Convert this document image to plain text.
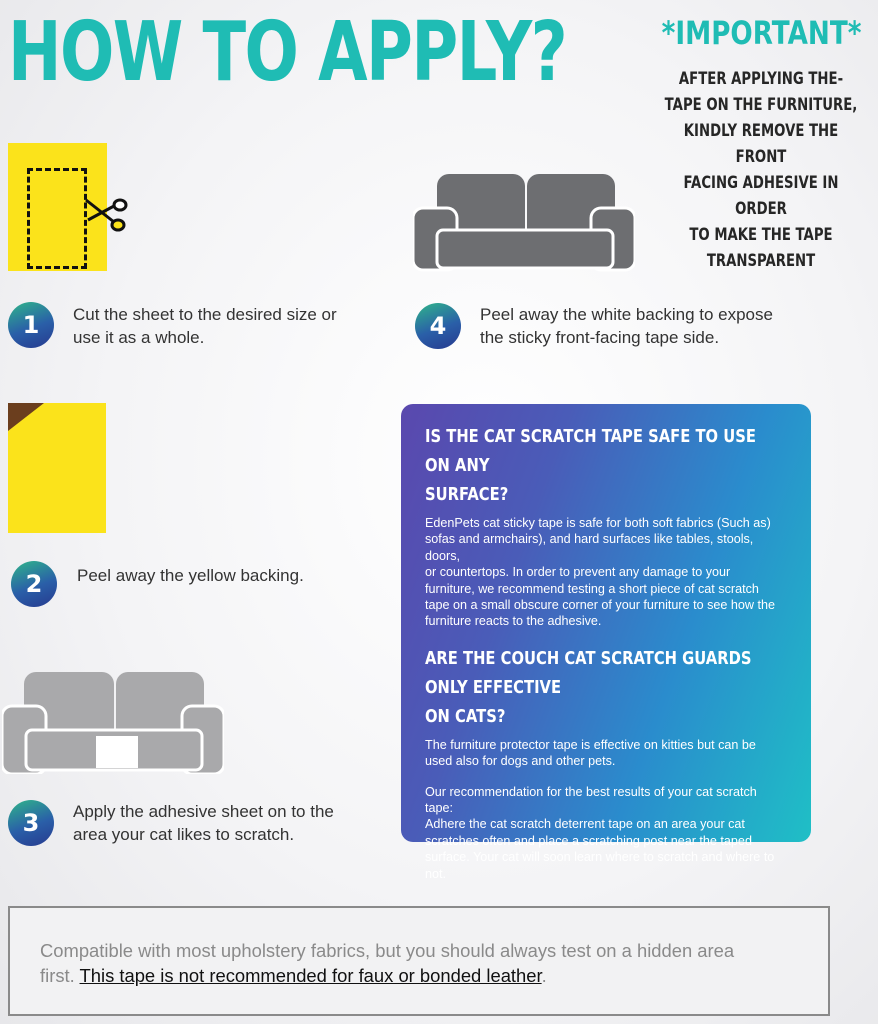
HOW TO APPLY?	*IMPORTANT*
AFTER APPLYING THE-
TAPE ON THE FURNITURE,
KINDLY REMOVE THE FRONT
FACING ADHESIVE IN ORDER
TO MAKE THE TAPE TRANSPARENT
1	Cut the sheet to the desired size or
use it as a whole.
2	Peel away the yellow backing.
3	Apply the adhesive sheet on to the
area your cat likes to scratch.
4	Peel away the white backing to expose
the sticky front-facing tape side.
IS THE CAT SCRATCH TAPE SAFE TO USE ON ANY
SURFACE?
EdenPets cat sticky tape is safe for both soft fabrics (Such as)
sofas and armchairs), and hard surfaces like tables, stools, doors,
or countertops. In order to prevent any damage to your
furniture, we recommend testing a short piece of cat scratch
tape on a small obscure corner of your furniture to see how the
furniture reacts to the adhesive.
ARE THE COUCH CAT SCRATCH GUARDS ONLY EFFECTIVE
ON CATS?
The furniture protector tape is effective on kitties but can be
used also for dogs and other pets.
Our recommendation for the best results of your cat scratch
tape:
Adhere the cat scratch deterrent tape on an area your cat
scratches often and place a scratching post near the taped
surface. Your cat will soon learn where to scratch and where to
not.
Compatible with most upholstery fabrics, but you should always test on a hidden area
first. This tape is not recommended for faux or bonded leather.
